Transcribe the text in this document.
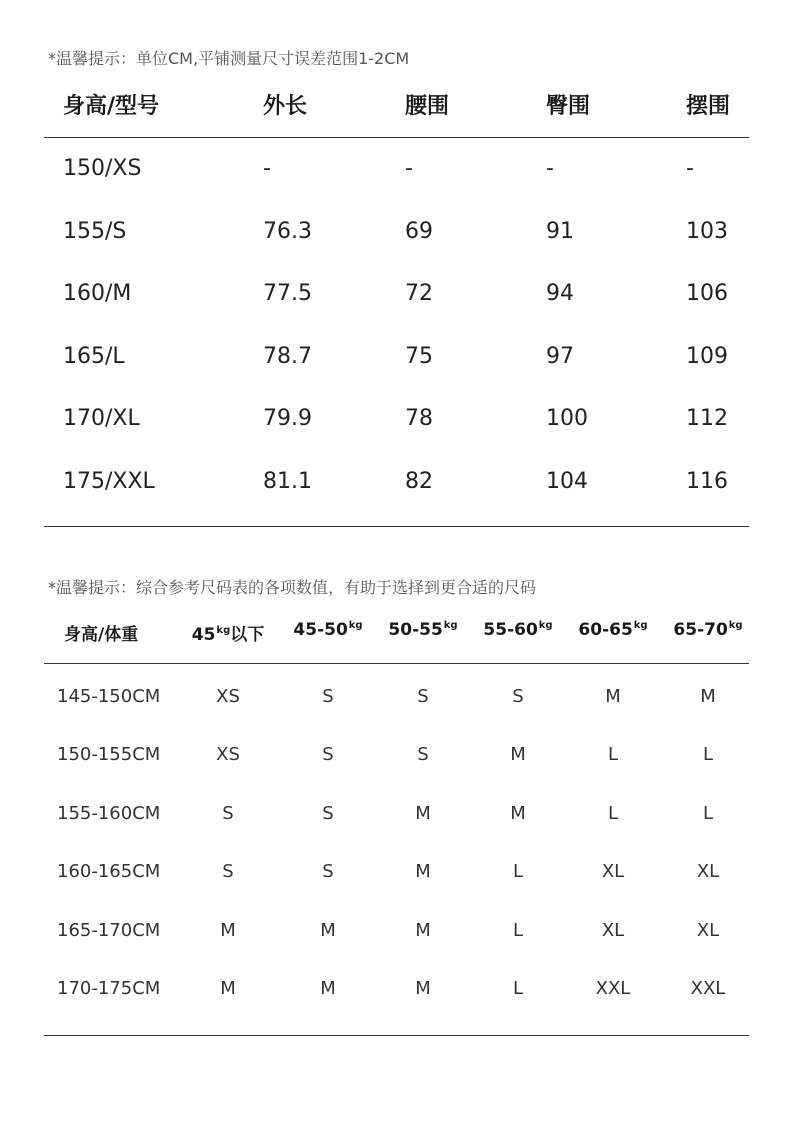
*温馨提示：单位CM,平铺测量尺寸误差范围1-2CM
身高/型号	外长	腰围	臀围	摆围
150/XS	-	-	-	-
155/S	76.3	69	91	103
160/M	77.5	72	94	106
165/L	78.7	75	97	109
170/XL	79.9	78	100	112
175/XXL	81.1	82	104	116
*温馨提示：综合参考尺码表的各项数值，有助于选择到更合适的尺码
身高/体重	$45^{kg}$以下 $45-50^{kg}$ $50-55^{kg}$ $55-60^{kg}$ $60-65^{kg}$ $65-70^{kg}$
145-150CM	XS	S	S	S	M	M
150-155CM	XS	S	S	M	L	L
155-160CM	S	S	M	M	L	L
160-165CM	S	S	M	L	XL	XL
165-170CM	M	M	M	L	XL	XL
170-175CM	M	M	M	L	XXL	XXL
